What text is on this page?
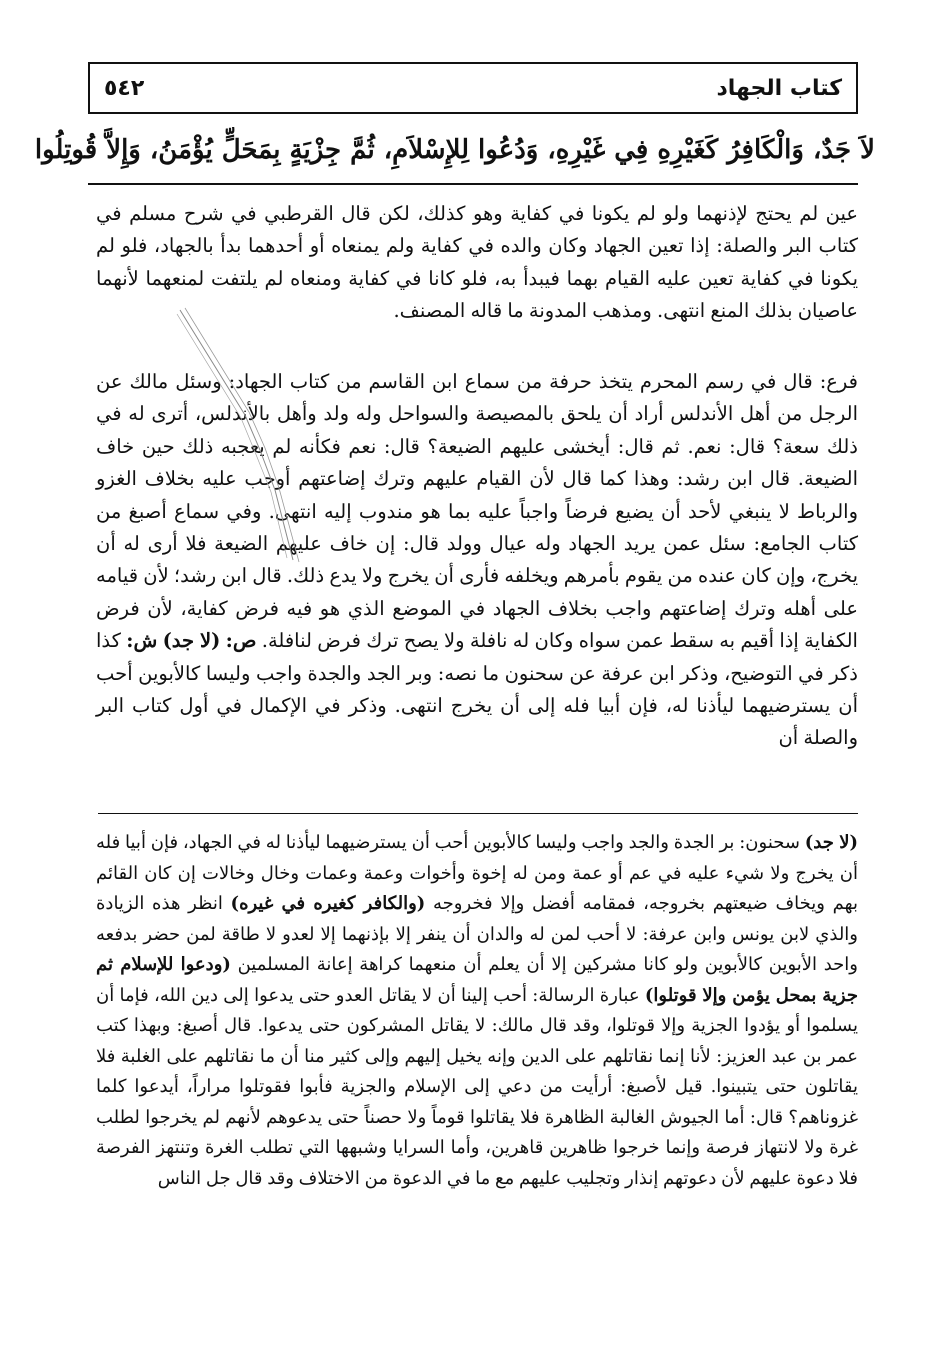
٥٤٢	كتاب الجهاد
لاَ جَدٌ، وَالْكَافِرُ كَغَيْرِهِ فِي غَيْرِهِ، وَدُعُوا لِلإِسْلاَمِ، ثُمَّ جِزْيَةٍ بِمَحَلٍّ يُؤْمَنُ، وَإِلاَّ قُوتِلُوا

عين لم يحتج لإذنهما ولو لم يكونا في كفاية وهو كذلك، لكن قال القرطبي في شرح مسلم في كتاب البر والصلة: إذا تعين الجهاد وكان والده في كفاية ولم يمنعاه أو أحدهما بدأ بالجهاد، فلو لم يكونا في كفاية تعين عليه القيام بهما فيبدأ به، فلو كانا في كفاية ومنعاه لم يلتفت لمنعهما لأنهما عاصيان بذلك المنع انتهى. ومذهب المدونة ما قاله المصنف.

فرع: قال في رسم المحرم يتخذ حرفة من سماع ابن القاسم من كتاب الجهاد: وسئل مالك عن الرجل من أهل الأندلس أراد أن يلحق بالمصيصة والسواحل وله ولد وأهل بالأندلس، أترى له في ذلك سعة؟ قال: نعم. ثم قال: أيخشى عليهم الضيعة؟ قال: نعم فكأنه لم يعجبه ذلك حين خاف الضيعة. قال ابن رشد: وهذا كما قال لأن القيام عليهم وترك إضاعتهم أوجب عليه بخلاف الغزو والرباط لا ينبغي لأحد أن يضيع فرضاً واجباً عليه بما هو مندوب إليه انتهى. وفي سماع أصبغ من كتاب الجامع: سئل عمن يريد الجهاد وله عيال وولد قال: إن خاف عليهم الضيعة فلا أرى له أن يخرج، وإن كان عنده من يقوم بأمرهم ويخلفه فأرى أن يخرج ولا يدع ذلك. قال ابن رشد؛ لأن قيامه على أهله وترك إضاعتهم واجب بخلاف الجهاد في الموضع الذي هو فيه فرض كفاية، لأن فرض الكفاية إذا أقيم به سقط عمن سواه وكان له نافلة ولا يصح ترك فرض لنافلة. ص: (لا جد) ش: كذا ذكر في التوضيح، وذكر ابن عرفة عن سحنون ما نصه: وبر الجد والجدة واجب وليسا كالأبوين أحب أن يسترضيهما ليأذنا له، فإن أبيا فله إلى أن يخرج انتهى. وذكر في الإكمال في أول كتاب البر والصلة أن

(لا جد) سحنون: بر الجدة والجد واجب وليسا كالأبوين أحب أن يسترضيهما ليأذنا له في الجهاد، فإن أبيا فله أن يخرج ولا شيء عليه في عم أو عمة ومن له إخوة وأخوات وعمة وعمات وخال وخالات إن كان القائم بهم ويخاف ضيعتهم بخروجه، فمقامه أفضل وإلا فخروجه (والكافر كغيره في غيره) انظر هذه الزيادة والذي لابن يونس وابن عرفة: لا أحب لمن له والدان أن ينفر إلا بإذنهما إلا لعدو لا طاقة لمن حضر بدفعه واحد الأبوين كالأبوين ولو كانا مشركين إلا أن يعلم أن منعهما كراهة إعانة المسلمين (ودعوا للإسلام ثم جزية بمحل يؤمن وإلا قوتلوا) عبارة الرسالة: أحب إلينا أن لا يقاتل العدو حتى يدعوا إلى دين الله، فإما أن يسلموا أو يؤدوا الجزية وإلا قوتلوا، وقد قال مالك: لا يقاتل المشركون حتى يدعوا. قال أصبغ: وبهذا كتب عمر بن عبد العزيز: لأنا إنما نقاتلهم على الدين وإنه يخيل إليهم وإلى كثير منا أن ما نقاتلهم على الغلبة فلا يقاتلون حتى يتبينوا. قيل لأصبغ: أرأيت من دعي إلى الإسلام والجزية فأبوا فقوتلوا مراراً، أيدعوا كلما غزوناهم؟ قال: أما الجيوش الغالبة الظاهرة فلا يقاتلوا قوماً ولا حصناً حتى يدعوهم لأنهم لم يخرجوا لطلب غرة ولا لانتهاز فرصة وإنما خرجوا ظاهرين قاهرين، وأما السرايا وشبهها التي تطلب الغرة وتنتهز الفرصة فلا دعوة عليهم لأن دعوتهم إنذار وتجليب عليهم مع ما في الدعوة من الاختلاف وقد قال جل الناس
